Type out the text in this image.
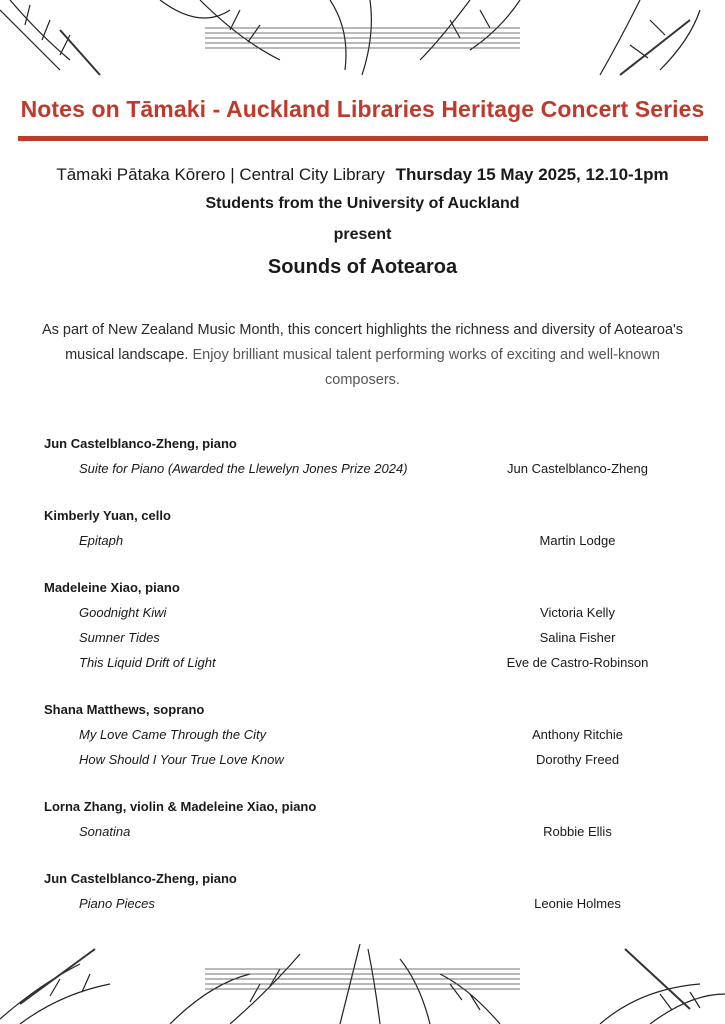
Notes on Tāmaki - Auckland Libraries Heritage Concert Series
Tāmaki Pātaka Kōrero | Central City Library Thursday 15 May 2025, 12.10-1pm
Students from the University of Auckland
present
Sounds of Aotearoa
As part of New Zealand Music Month, this concert highlights the richness and diversity of Aotearoa's musical landscape. Enjoy brilliant musical talent performing works of exciting and well-known composers.
Jun Castelblanco-Zheng, piano
Suite for Piano (Awarded the Llewelyn Jones Prize 2024)	Jun Castelblanco-Zheng
Kimberly Yuan, cello
Epitaph	Martin Lodge
Madeleine Xiao, piano
Goodnight Kiwi	Victoria Kelly
Sumner Tides	Salina Fisher
This Liquid Drift of Light	Eve de Castro-Robinson
Shana Matthews, soprano
My Love Came Through the City	Anthony Ritchie
How Should I Your True Love Know	Dorothy Freed
Lorna Zhang, violin & Madeleine Xiao, piano
Sonatina	Robbie Ellis
Jun Castelblanco-Zheng, piano
Piano Pieces	Leonie Holmes
